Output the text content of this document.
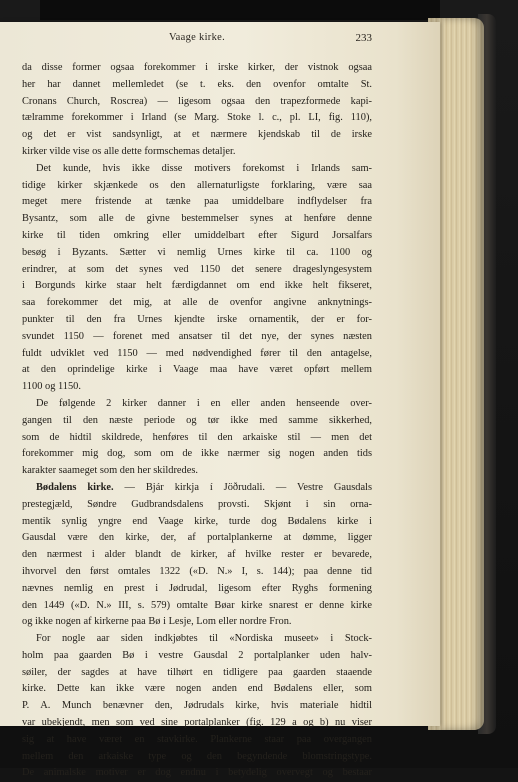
Vaage kirke.	233
da disse former ogsaa forekommer i irske kirker, der vistnok ogsaa
her har dannet mellemledet (se t. eks. den ovenfor omtalte St.
Cronans Church, Roscrea) — ligesom ogsaa den trapezformede kapi-
tælramme forekommer i Irland (se Marg. Stoke l. c., pl. LI, fig. 110),
og det er vist sandsynligt, at et nærmere kjendskab til de irske
kirker vilde vise os alle dette formschemas detaljer.
Det kunde, hvis ikke disse motivers forekomst i Irlands sam-
tidige kirker skjænkede os den allernaturligste forklaring, være saa
meget mere fristende at tænke paa umiddelbare indflydelser fra
Bysantz, som alle de givne bestemmelser synes at henføre denne
kirke til tiden omkring eller umiddelbart efter Sigurd Jorsalfars
besøg i Byzants. Sætter vi nemlig Urnes kirke til ca. 1100 og
erindrer, at som det synes ved 1150 det senere drageslyngesystem
i Borgunds kirke staar helt færdigdannet om end ikke helt fikseret,
saa forekommer det mig, at alle de ovenfor angivne anknytnings-
punkter til den fra Urnes kjendte irske ornamentik, der er for-
svundet 1150 — forenet med ansatser til det nye, der synes næsten
fuldt udviklet ved 1150 — med nødvendighed fører til den antagelse,
at den oprindelige kirke i Vaage maa have været opført mellem
1100 og 1150.
De følgende 2 kirker danner i en eller anden henseende over-
gangen til den næste periode og tør ikke med samme sikkerhed,
som de hidtil skildrede, henføres til den arkaiske stil — men det
forekommer mig dog, som om de ikke nærmer sig nogen anden tids
karakter saameget som den her skildredes.
Bødalens kirke. — Bjár kirkja í Jöðrudali. — Vestre Gausdals
prestegjæld, Søndre Gudbrandsdalens provsti. Skjønt i sin orna-
mentik synlig yngre end Vaage kirke, turde dog Bødalens kirke i
Gausdal være den kirke, der, af portalplankerne at dømme, ligger
den nærmest i alder blandt de kirker, af hvilke rester er bevarede,
ihvorvel den først omtales 1322 («D. N.» I, s. 144); paa denne tid
nævnes nemlig en prest i Jødrudal, ligesom efter Ryghs formening
den 1449 («D. N.» III, s. 579) omtalte Bøar kirke snarest er denne kirke
og ikke nogen af kirkerne paa Bø i Lesje, Lom eller nordre Fron.
For nogle aar siden indkjøbtes til «Nordiska museet» i Stock-
holm paa gaarden Bø i vestre Gausdal 2 portalplanker uden halv-
søiler, der sagdes at have tilhørt en tidligere paa gaarden staaende
kirke. Dette kan ikke være nogen anden end Bødalens eller, som
P. A. Munch benævner den, Jødrudals kirke, hvis materiale hidtil
var ubekjendt, men som ved sine portalplanker (fig. 129 a og b) nu viser
sig at have været en stavkirke. Plankerne staar paa overgangen
mellem den arkaiske type og den begyndende blomstringstype.
De animalske motiver er dog endnu i betydelig overvegt og bestaar
